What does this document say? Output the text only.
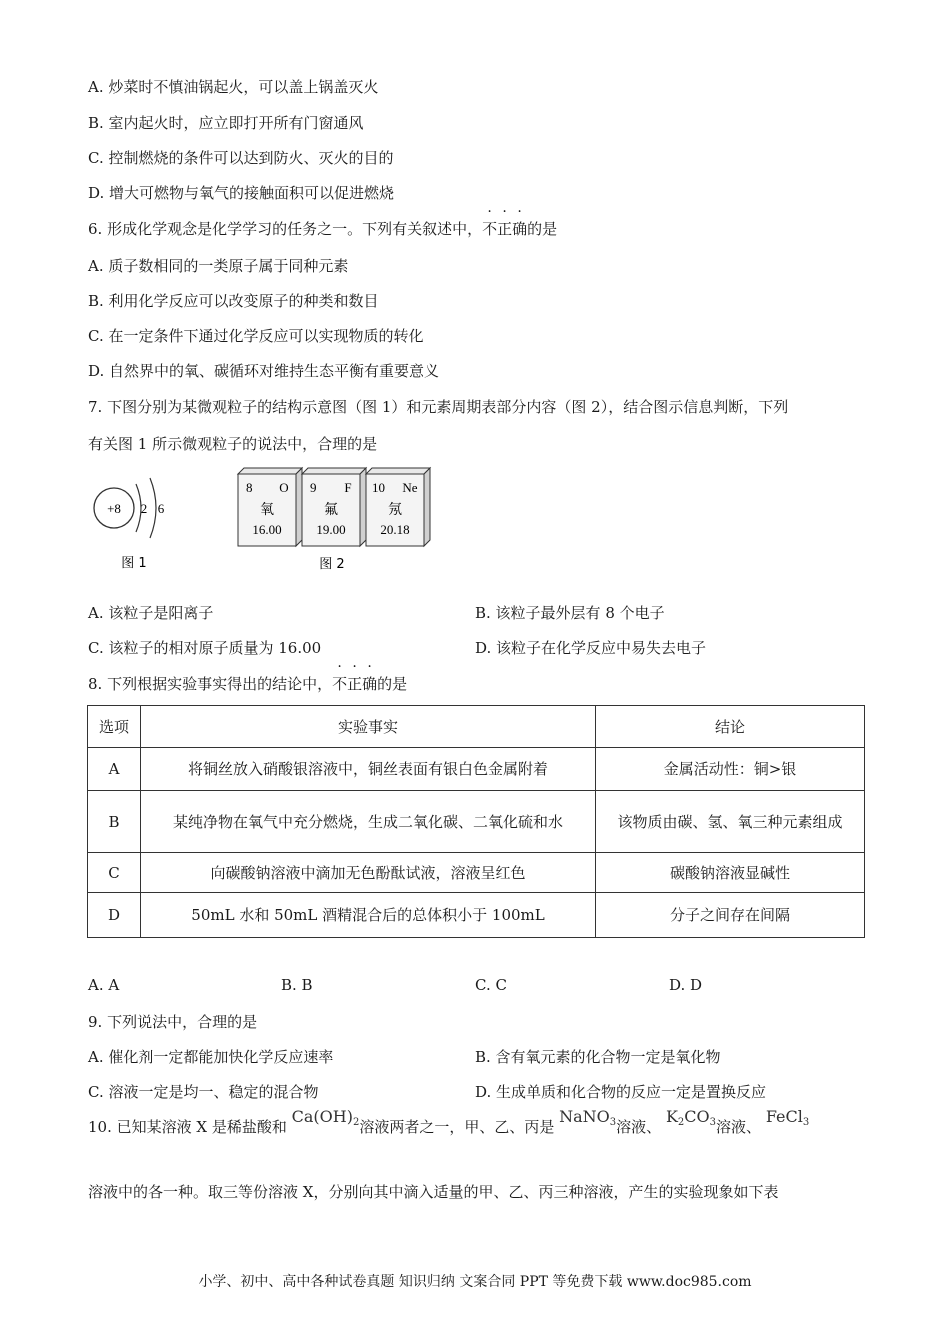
A. 炒菜时不慎油锅起火，可以盖上锅盖灭火
B. 室内起火时，应立即打开所有门窗通风
C. 控制燃烧的条件可以达到防火、灭火的目的
D. 增大可燃物与氧气的接触面积可以促进燃烧
6. 形成化学观念是化学学习的任务之一。下列有关叙述中，不正确的是
A. 质子数相同的一类原子属于同种元素
B. 利用化学反应可以改变原子的种类和数目
C. 在一定条件下通过化学反应可以实现物质的转化
D. 自然界中的氧、碳循环对维持生态平衡有重要意义
7. 下图分别为某微观粒子的结构示意图（图 1）和元素周期表部分内容（图 2），结合图示信息判断，下列
有关图 1 所示微观粒子的说法中，合理的是
+8 2 6
图 1
8 O
氧
16.00
9 F
氟
19.00
10 Ne
氖
20.18
图 2
A. 该粒子是阳离子	B. 该粒子最外层有 8 个电子
C. 该粒子的相对原子质量为 16.00	D. 该粒子在化学反应中易失去电子
8. 下列根据实验事实得出的结论中，不正确的是
选项	实验事实	结论
A	将铜丝放入硝酸银溶液中，铜丝表面有银白色金属附着	金属活动性：铜>银
B	某纯净物在氧气中充分燃烧，生成二氧化碳、二氧化硫和水	该物质由碳、氢、氧三种元素组成
C	向碳酸钠溶液中滴加无色酚酞试液，溶液呈红色	碳酸钠溶液显碱性
D	50mL 水和 50mL 酒精混合后的总体积小于 100mL	分子之间存在间隔
A. A	B. B	C. C	D. D
9. 下列说法中，合理的是
A. 催化剂一定都能加快化学反应速率	B. 含有氧元素的化合物一定是氧化物
C. 溶液一定是均一、稳定的混合物	D. 生成单质和化合物的反应一定是置换反应
10. 已知某溶液 X 是稀盐酸和 $Ca(OH)_2$溶液两者之一，甲、乙、丙是 NaNO$_3$溶液、 $K_2CO_3$溶液、 FeCl$_3$
溶液中的各一种。取三等份溶液 X，分别向其中滴入适量的甲、乙、丙三种溶液，产生的实验现象如下表
小学、初中、高中各种试卷真题 知识归纳 文案合同 PPT 等免费下载 www.doc985.com
